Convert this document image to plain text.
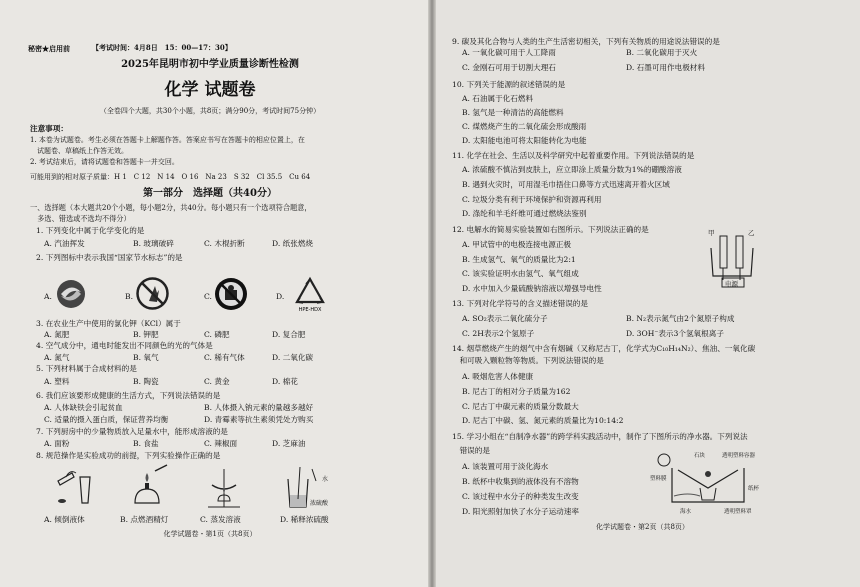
秘密★启用前	【考试时间：4月8日　15：00—17：30】
2025年昆明市初中学业质量诊断性检测
化学 试题卷
（全卷四个大题，共30个小题，共8页；满分90分，考试时间75分钟）
注意事项：
1. 本卷为试题卷。考生必须在答题卡上解题作答。答案应书写在答题卡的相应位置上，在
　试题卷、草稿纸上作答无效。
2. 考试结束后，请将试题卷和答题卡一并交回。
可能用到的相对原子质量：H 1　C 12　N 14　O 16　Na 23　S 32　Cl 35.5　Cu 64
第一部分　选择题（共40分）
一、选择题（本大题共20个小题，每小题2分，共40分。每小题只有一个选项符合题意，
　多选、错选或不选均不得分）
1. 下列变化中属于化学变化的是
A. 汽油挥发	B. 玻璃破碎	C. 木棍折断	D. 纸张燃烧
2. 下列图标中表示我国“国家节水标志”的是
A.	B.	C.	D.
HPE-HDX
3. 在农业生产中使用的氯化钾（KCl）属于
A. 氮肥	B. 钾肥	C. 磷肥	D. 复合肥
4. 空气成分中，通电时能发出不同颜色的光的气体是
A. 氮气	B. 氧气	C. 稀有气体	D. 二氧化碳
5. 下列材料属于合成材料的是
A. 塑料	B. 陶瓷	C. 黄金	D. 棉花
6. 我们应该要形成健康的生活方式，下列说法错误的是
A. 人体缺铁会引起贫血	B. 人体摄入钠元素的量越多越好
C. 适量的摄入蛋白质，保证营养均衡	D. 青霉素等抗生素须凭处方购买
7. 下列厨房中的少量物质放入足量水中，能形成溶液的是
A. 面粉	B. 食盐	C. 辣椒面	D. 芝麻油
8. 规范操作是实验成功的前提，下列实验操作正确的是
水
浓硫酸
A. 倾倒液体	B. 点燃酒精灯	C. 蒸发溶液	D. 稀释浓硫酸
化学试题卷・第1页（共8页）
9. 碳及其化合物与人类的生产生活密切相关，下列有关物质的用途说法错误的是
A. 一氧化碳可用于人工降雨	B. 二氧化碳用于灭火
C. 金刚石可用于切割大理石	D. 石墨可用作电极材料
10. 下列关于能源的叙述错误的是
A. 石油属于化石燃料
B. 氢气是一种清洁的高能燃料
C. 煤燃烧产生的二氧化硫会形成酸雨
D. 太阳能电池可将太阳能转化为电能
11. 化学在社会、生活以及科学研究中起着重要作用。下列说法错误的是
A. 浓硫酸不慎沾到皮肤上，应立即涂上质量分数为1%的硼酸溶液
B. 遇到火灾时，可用湿毛巾捂住口鼻等方式迅速离开着火区域
C. 垃圾分类有利于环境保护和资源再利用
D. 涤纶和羊毛纤维可通过燃烧法鉴别
12. 电解水的简易实验装置如右图所示。下列说法正确的是
A. 甲试管中的电极连接电源正极
B. 生成氢气、氧气的质量比为2:1
C. 该实验证明水由氢气、氧气组成
D. 水中加入少量硫酸钠溶液以增强导电性
甲	乙
电源
13. 下列对化学符号的含义描述错误的是
A. SO₂表示二氧化硫分子	B. N₂表示氮气由2个氮原子构成
C. 2H表示2个氢原子	D. 3OH⁻表示3个氢氧根离子
14. 烟草燃烧产生的烟气中含有烟碱（又称尼古丁，化学式为C₁₀H₁₄N₂）、焦油、一氧化碳
　和可吸入颗粒物等物质。下列说法错误的是
A. 吸烟危害人体健康
B. 尼古丁的相对分子质量为162
C. 尼古丁中碳元素的质量分数最大
D. 尼古丁中碳、氢、氮元素的质量比为10:14:2
15. 学习小组在“自制净水器”的跨学科实践活动中，制作了下图所示的净水器。下列说法
　错误的是
A. 该装置可用于淡化海水
B. 纸杯中收集到的液体没有不溶物
C. 该过程中水分子的种类发生改变
D. 阳光照射加快了水分子运动速率
石块	透明塑料容器
塑料膜
纸杯
海水	透明塑料罩
化学试题卷・第2页（共8页）
